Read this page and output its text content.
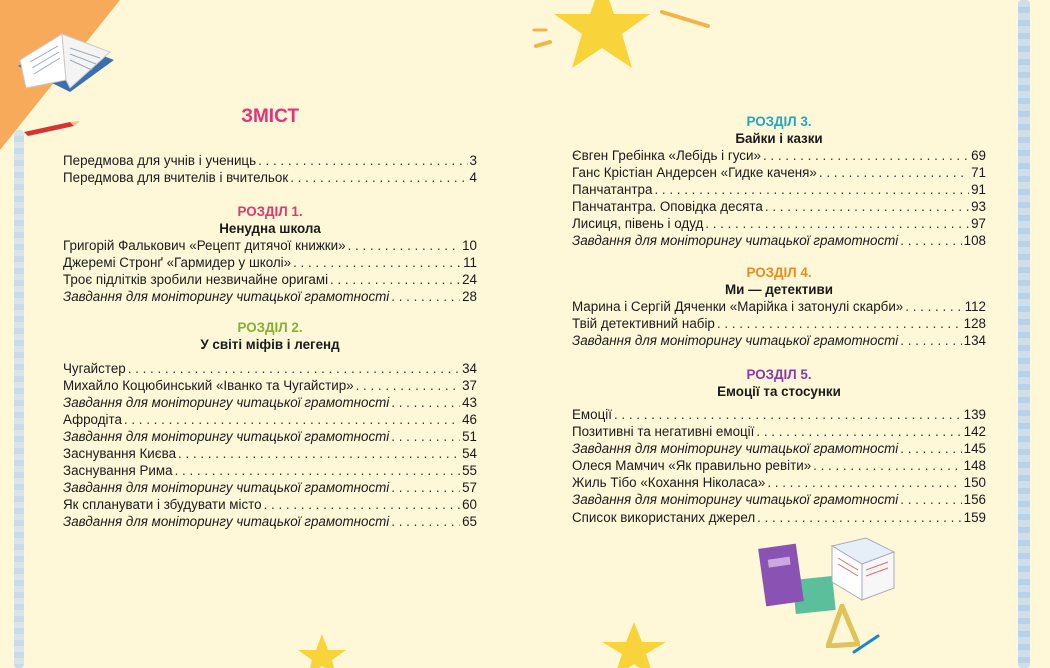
ЗМІСТ
Передмова для учнів і учениць . . .	3
Передмова для вчителів і вчительок . . .	4
РОЗДІЛ 1.
Ненудна школа
Григорій Фалькович «Рецепт дитячої книжки» . . .	10
Джеремі Стронґ «Гармидер у школі» . . .	11
Троє підлітків зробили незвичайне оригамі . . .	24
Завдання для моніторингу читацької грамотності . . .	28
РОЗДІЛ 2.
У світі міфів і легенд
Чугайстер . . .	34
Михайло Коцюбинський «Іванко та Чугайстир» . . .	37
Завдання для моніторингу читацької грамотності . . .	43
Афродіта . . .	46
Завдання для моніторингу читацької грамотності . . .	51
Заснування Києва . . .	54
Заснування Рима . . .	55
Завдання для моніторингу читацької грамотності . . .	57
Як спланувати і збудувати місто . . .	60
Завдання для моніторингу читацької грамотності . . .	65
РОЗДІЛ 3.
Байки і казки
Євген Гребінка «Лебідь і гуси» . . .	69
Ганс Крістіан Андерсен «Гидке каченя» . . .	71
Панчатантра . . .	91
Панчатантра. Оповідка десята . . .	93
Лисиця, півень і одуд . . .	97
Завдання для моніторингу читацької грамотності . . .	108
РОЗДІЛ 4.
Ми — детективи
Марина і Сергій Дяченки «Марійка і затонулі скарби» . . .	112
Твій детективний набір . . .	128
Завдання для моніторингу читацької грамотності . . .	134
РОЗДІЛ 5.
Емоції та стосунки
Емоції . . .	139
Позитивні та негативні емоції . . .	142
Завдання для моніторингу читацької грамотності . . .	145
Олеся Мамчич «Як правильно ревіти» . . .	148
Жиль Тібо «Кохання Ніколаса» . . .	150
Завдання для моніторингу читацької грамотності . . .	156
Список використаних джерел . . .	159
